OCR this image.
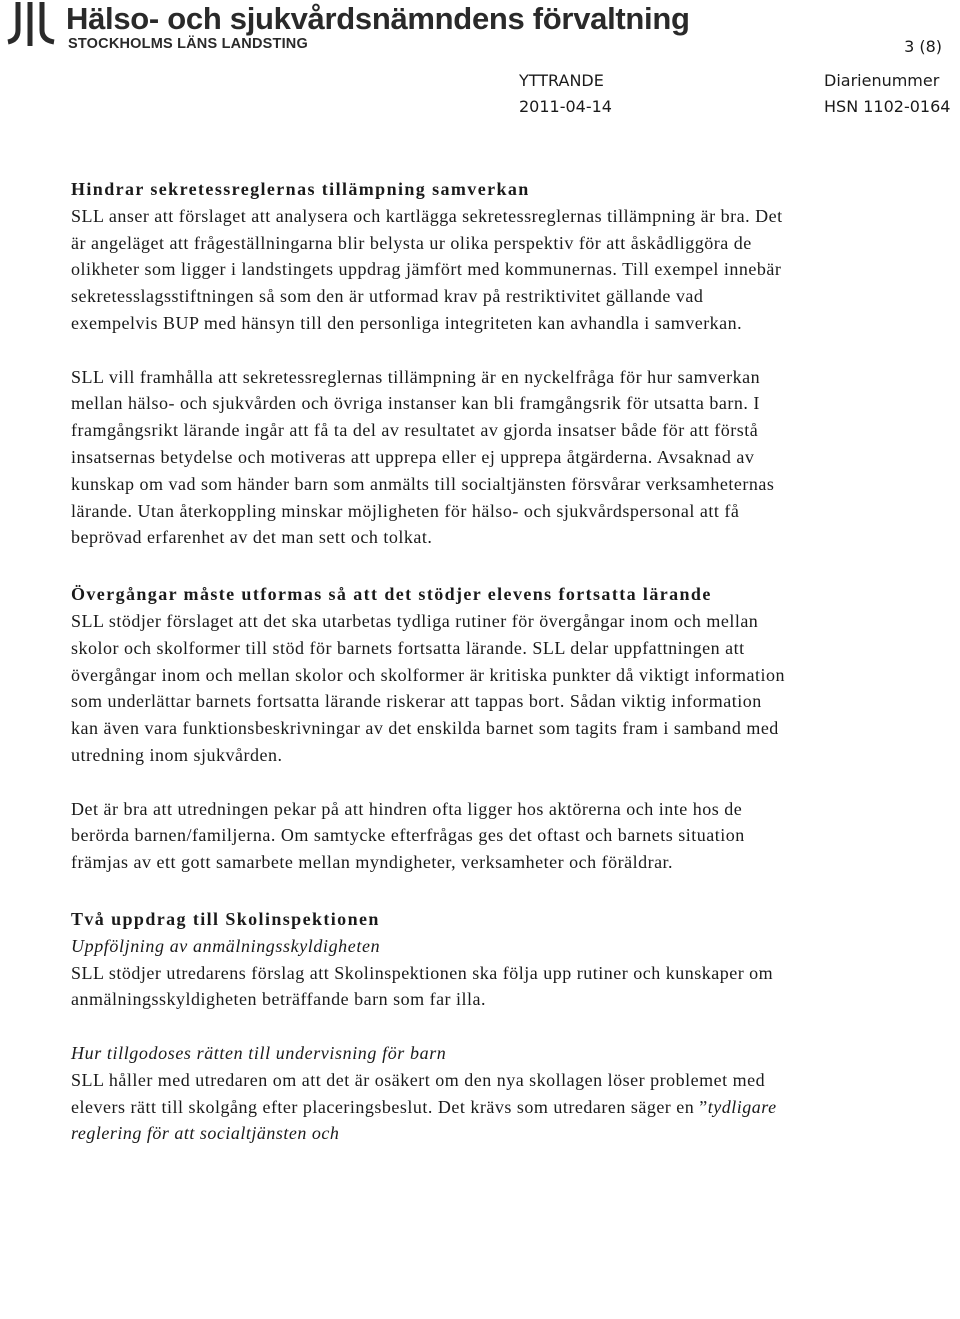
Hälso- och sjukvårdsnämndens förvaltning
STOCKHOLMS LÄNS LANDSTING	3 (8)
YTTRANDE
2011-04-14
Diarienummer
HSN 1102-0164
Hindrar sekretessreglernas tillämpning samverkan

SLL anser att förslaget att analysera och kartlägga sekretessreglernas tillämpning är bra. Det är angeläget att frågeställningarna blir belysta ur olika perspektiv för att åskådliggöra de olikheter som ligger i landstingets uppdrag jämfört med kommunernas. Till exempel innebär sekretesslagsstiftningen så som den är utformad krav på restriktivitet gällande vad exempelvis BUP med hänsyn till den personliga integriteten kan avhandla i samverkan.

SLL vill framhålla att sekretessreglernas tillämpning är en nyckelfråga för hur samverkan mellan hälso- och sjukvården och övriga instanser kan bli framgångsrik för utsatta barn. I framgångsrikt lärande ingår att få ta del av resultatet av gjorda insatser både för att förstå insatsernas betydelse och motiveras att upprepa eller ej upprepa åtgärderna. Avsaknad av kunskap om vad som händer barn som anmälts till socialtjänsten försvårar verksamheternas lärande. Utan återkoppling minskar möjligheten för hälso- och sjukvårdspersonal att få beprövad erfarenhet av det man sett och tolkat.

Övergångar måste utformas så att det stödjer elevens fortsatta lärande

SLL stödjer förslaget att det ska utarbetas tydliga rutiner för övergångar inom och mellan skolor och skolformer till stöd för barnets fortsatta lärande. SLL delar uppfattningen att övergångar inom och mellan skolor och skolformer är kritiska punkter då viktigt information som underlättar barnets fortsatta lärande riskerar att tappas bort. Sådan viktig information kan även vara funktionsbeskrivningar av det enskilda barnet som tagits fram i samband med utredning inom sjukvården.

Det är bra att utredningen pekar på att hindren ofta ligger hos aktörerna och inte hos de berörda barnen/familjerna. Om samtycke efterfrågas ges det oftast och barnets situation främjas av ett gott samarbete mellan myndigheter, verksamheter och föräldrar.

Två uppdrag till Skolinspektionen

Uppföljning av anmälningsskyldigheten

SLL stödjer utredarens förslag att Skolinspektionen ska följa upp rutiner och kunskaper om anmälningsskyldigheten beträffande barn som far illa.

Hur tillgodoses rätten till undervisning för barn

SLL håller med utredaren om att det är osäkert om den nya skollagen löser problemet med elevers rätt till skolgång efter placeringsbeslut. Det krävs som utredaren säger en ”tydligare reglering för att socialtjänsten och
